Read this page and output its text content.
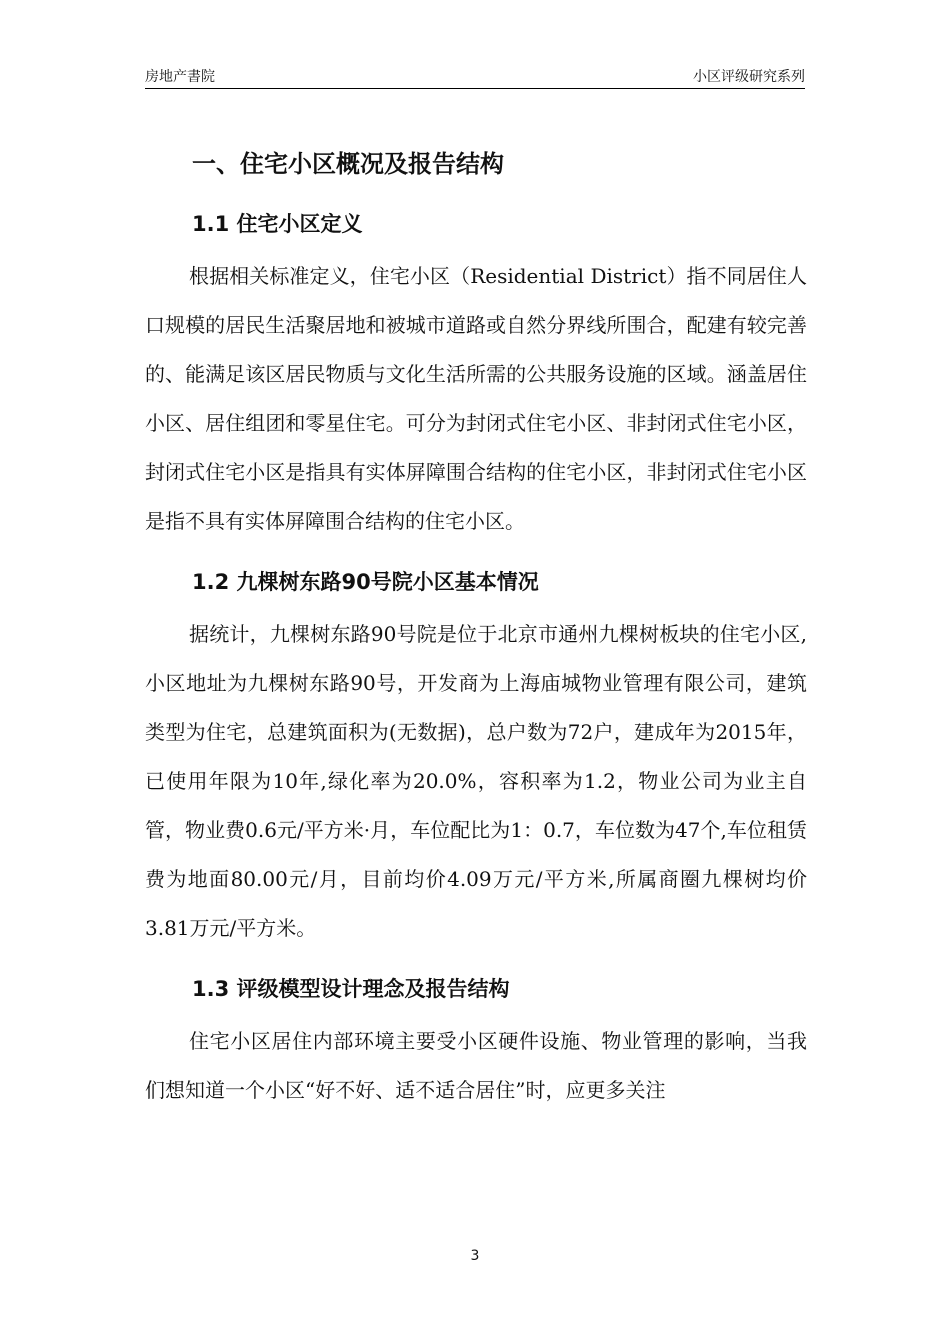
房地产書院	小区评级研究系列
一、住宅小区概况及报告结构
1.1 住宅小区定义

根据相关标准定义，住宅小区（Residential District）指不同居住人口规模的居民生活聚居地和被城市道路或自然分界线所围合，配建有较完善的、能满足该区居民物质与文化生活所需的公共服务设施的区域。涵盖居住小区、居住组团和零星住宅。可分为封闭式住宅小区、非封闭式住宅小区，封闭式住宅小区是指具有实体屏障围合结构的住宅小区，非封闭式住宅小区是指不具有实体屏障围合结构的住宅小区。

1.2 九棵树东路90号院小区基本情况

据统计，九棵树东路90号院是位于北京市通州九棵树板块的住宅小区,小区地址为九棵树东路90号，开发商为上海庙城物业管理有限公司，建筑类型为住宅，总建筑面积为(无数据)，总户数为72户，建成年为2015年，已使用年限为10年,绿化率为20.0%，容积率为1.2，物业公司为业主自管，物业费0.6元/平方米·月，车位配比为1：0.7，车位数为47个,车位租赁费为地面80.00元/月，目前均价4.09万元/平方米,所属商圈九棵树均价3.81万元/平方米。

1.3 评级模型设计理念及报告结构

住宅小区居住内部环境主要受小区硬件设施、物业管理的影响，当我们想知道一个小区“好不好、适不适合居住”时，应更多关注

3
